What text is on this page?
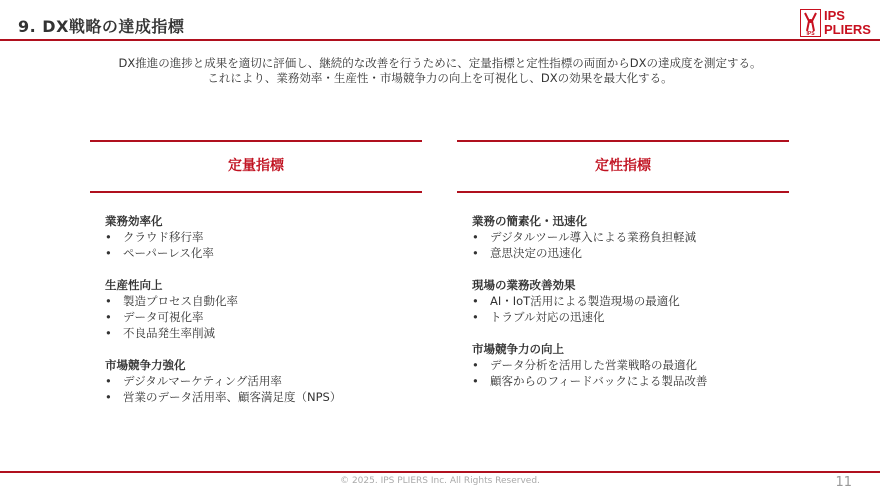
9. DX戦略の達成指標	IPS
IPS
PLIERS
DX推進の進捗と成果を適切に評価し、継続的な改善を行うために、定量指標と定性指標の両面からDXの達成度を測定する。
これにより、業務効率・生産性・市場競争力の向上を可視化し、DXの効果を最大化する。
定量指標
業務効率化
• クラウド移行率
• ペーパーレス化率
生産性向上
• 製造プロセス自動化率
• データ可視化率
• 不良品発生率削減
市場競争力強化
• デジタルマーケティング活用率
• 営業のデータ活用率、顧客満足度（NPS）
定性指標
業務の簡素化・迅速化
• デジタルツール導入による業務負担軽減
• 意思決定の迅速化
現場の業務改善効果
• AI・IoT活用による製造現場の最適化
• トラブル対応の迅速化
市場競争力の向上
• データ分析を活用した営業戦略の最適化
• 顧客からのフィードバックによる製品改善
© 2025. IPS PLIERS Inc. All Rights Reserved.	11
